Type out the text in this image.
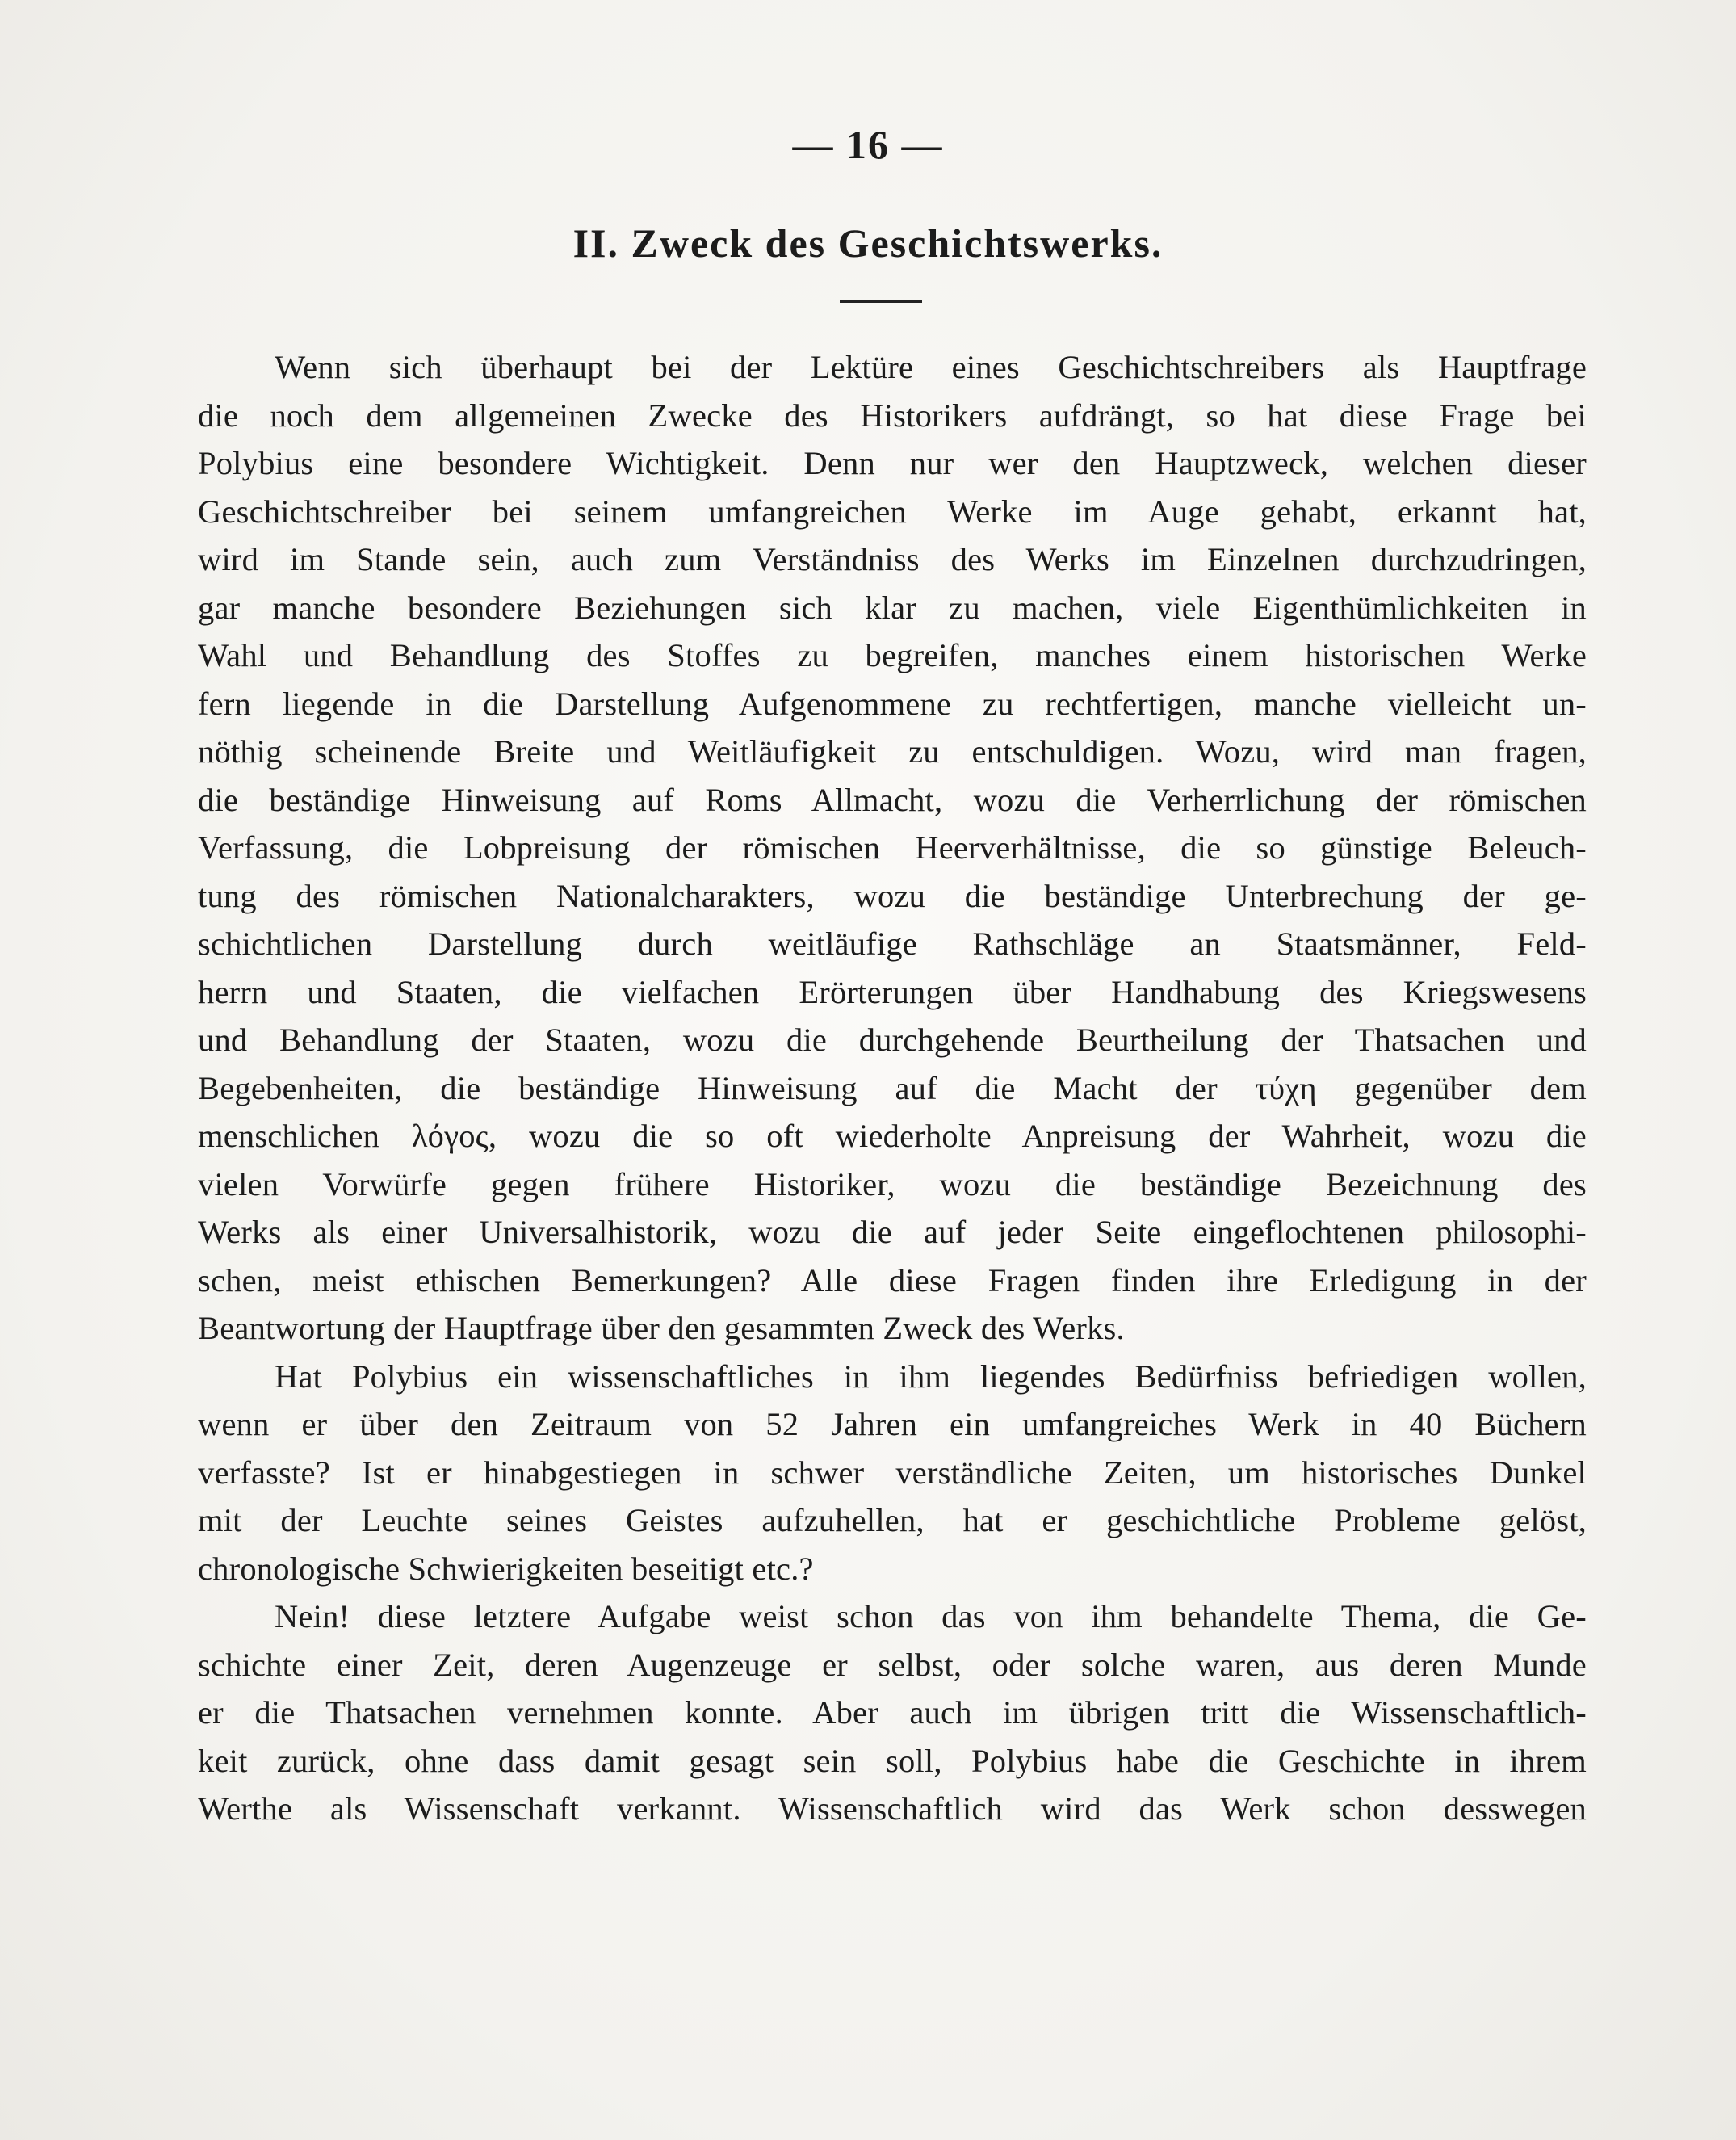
— 16 —
II. Zweck des Geschichtswerks.
Wenn sich überhaupt bei der Lektüre eines Geschichtschreibers als Hauptfrage
die noch dem allgemeinen Zwecke des Historikers aufdrängt, so hat diese Frage bei
Polybius eine besondere Wichtigkeit. Denn nur wer den Hauptzweck, welchen dieser
Geschichtschreiber bei seinem umfangreichen Werke im Auge gehabt, erkannt hat,
wird im Stande sein, auch zum Verständniss des Werks im Einzelnen durchzudringen,
gar manche besondere Beziehungen sich klar zu machen, viele Eigenthümlichkeiten in
Wahl und Behandlung des Stoffes zu begreifen, manches einem historischen Werke
fern liegende in die Darstellung Aufgenommene zu rechtfertigen, manche vielleicht un-
nöthig scheinende Breite und Weitläufigkeit zu entschuldigen. Wozu, wird man fragen,
die beständige Hinweisung auf Roms Allmacht, wozu die Verherrlichung der römischen
Verfassung, die Lobpreisung der römischen Heerverhältnisse, die so günstige Beleuch-
tung des römischen Nationalcharakters, wozu die beständige Unterbrechung der ge-
schichtlichen Darstellung durch weitläufige Rathschläge an Staatsmänner, Feld-
herrn und Staaten, die vielfachen Erörterungen über Handhabung des Kriegswesens
und Behandlung der Staaten, wozu die durchgehende Beurtheilung der Thatsachen und
Begebenheiten, die beständige Hinweisung auf die Macht der τύχη gegenüber dem
menschlichen λόγος, wozu die so oft wiederholte Anpreisung der Wahrheit, wozu die
vielen Vorwürfe gegen frühere Historiker, wozu die beständige Bezeichnung des
Werks als einer Universalhistorik, wozu die auf jeder Seite eingeflochtenen philosophi-
schen, meist ethischen Bemerkungen? Alle diese Fragen finden ihre Erledigung in der
Beantwortung der Hauptfrage über den gesammten Zweck des Werks.
Hat Polybius ein wissenschaftliches in ihm liegendes Bedürfniss befriedigen wollen,
wenn er über den Zeitraum von 52 Jahren ein umfangreiches Werk in 40 Büchern
verfasste? Ist er hinabgestiegen in schwer verständliche Zeiten, um historisches Dunkel
mit der Leuchte seines Geistes aufzuhellen, hat er geschichtliche Probleme gelöst,
chronologische Schwierigkeiten beseitigt etc.?
Nein! diese letztere Aufgabe weist schon das von ihm behandelte Thema, die Ge-
schichte einer Zeit, deren Augenzeuge er selbst, oder solche waren, aus deren Munde
er die Thatsachen vernehmen konnte. Aber auch im übrigen tritt die Wissenschaftlich-
keit zurück, ohne dass damit gesagt sein soll, Polybius habe die Geschichte in ihrem
Werthe als Wissenschaft verkannt. Wissenschaftlich wird das Werk schon desswegen
